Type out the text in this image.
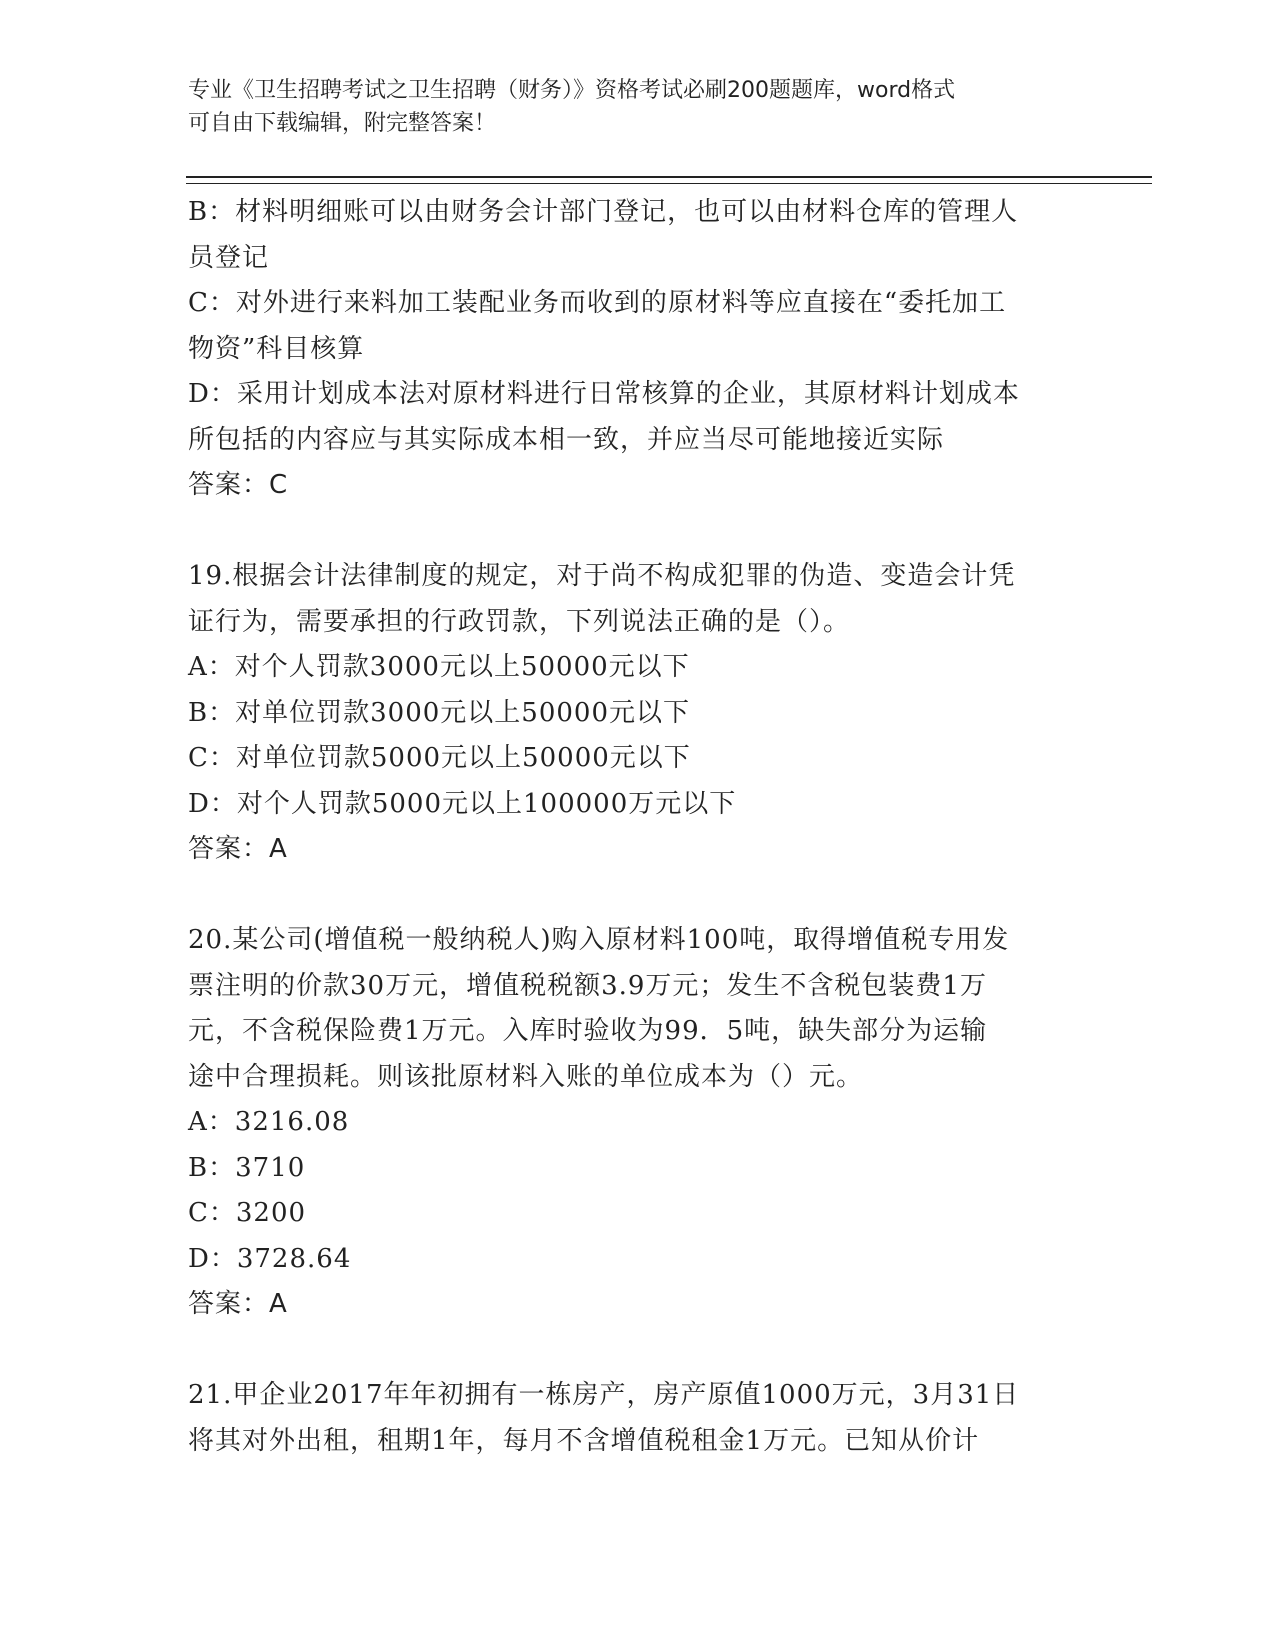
专业《卫生招聘考试之卫生招聘（财务）》资格考试必刷200题题库，word格式
可自由下载编辑，附完整答案！
B：材料明细账可以由财务会计部门登记，也可以由材料仓库的管理人
员登记
C：对外进行来料加工装配业务而收到的原材料等应直接在“委托加工
物资”科目核算
D：采用计划成本法对原材料进行日常核算的企业，其原材料计划成本
所包括的内容应与其实际成本相一致，并应当尽可能地接近实际
答案：C
19.根据会计法律制度的规定，对于尚不构成犯罪的伪造、变造会计凭
证行为，需要承担的行政罚款，下列说法正确的是（）。
A：对个人罚款3000元以上50000元以下
B：对单位罚款3000元以上50000元以下
C：对单位罚款5000元以上50000元以下
D：对个人罚款5000元以上100000万元以下
答案：A
20.某公司(增值税一般纳税人)购入原材料100吨，取得增值税专用发
票注明的价款30万元，增值税税额3.9万元；发生不含税包装费1万
元，不含税保险费1万元。入库时验收为99．5吨，缺失部分为运输
途中合理损耗。则该批原材料入账的单位成本为（）元。
A：3216.08
B：3710
C：3200
D：3728.64
答案：A
21.甲企业2017年年初拥有一栋房产，房产原值1000万元，3月31日
将其对外出租，租期1年，每月不含增值税租金1万元。已知从价计
